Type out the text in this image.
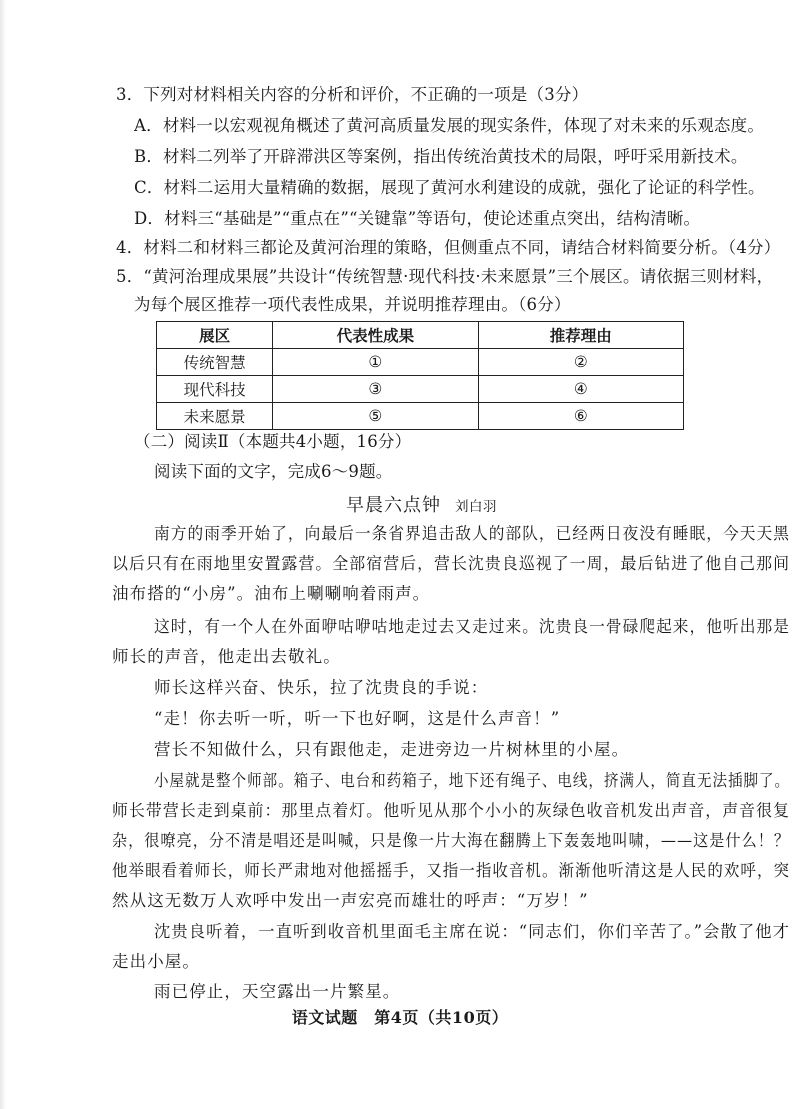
3．下列对材料相关内容的分析和评价，不正确的一项是（3分）
A．材料一以宏观视角概述了黄河高质量发展的现实条件，体现了对未来的乐观态度。
B．材料二列举了开辟滞洪区等案例，指出传统治黄技术的局限，呼吁采用新技术。
C．材料二运用大量精确的数据，展现了黄河水利建设的成就，强化了论证的科学性。
D．材料三“基础是”“重点在”“关键靠”等语句，使论述重点突出，结构清晰。
4．材料二和材料三都论及黄河治理的策略，但侧重点不同，请结合材料简要分析。（4分）
5．“黄河治理成果展”共设计“传统智慧·现代科技·未来愿景”三个展区。请依据三则材料，
为每个展区推荐一项代表性成果，并说明推荐理由。（6分）
展区	代表性成果	推荐理由
传统智慧	①	②
现代科技	③	④
未来愿景	⑤	⑥
（二）阅读Ⅱ（本题共4小题，16分）
阅读下面的文字，完成6～9题。
早晨六点钟 刘白羽
南方的雨季开始了，向最后一条省界追击敌人的部队，已经两日夜没有睡眠，今天天黑
以后只有在雨地里安置露营。全部宿营后，营长沈贵良巡视了一周，最后钻进了他自己那间
油布搭的“小房”。油布上唰唰响着雨声。
这时，有一个人在外面咿咕咿咕地走过去又走过来。沈贵良一骨碌爬起来，他听出那是
师长的声音，他走出去敬礼。
师长这样兴奋、快乐，拉了沈贵良的手说：
“走！你去听一听，听一下也好啊，这是什么声音！”
营长不知做什么，只有跟他走，走进旁边一片树林里的小屋。
小屋就是整个师部。箱子、电台和药箱子，地下还有绳子、电线，挤满人，简直无法插脚了。
师长带营长走到桌前：那里点着灯。他听见从那个小小的灰绿色收音机发出声音，声音很复
杂，很嘹亮，分不清是唱还是叫喊，只是像一片大海在翻腾上下轰轰地叫啸，——这是什么！？
他举眼看着师长，师长严肃地对他摇摇手，又指一指收音机。渐渐他听清这是人民的欢呼，突
然从这无数万人欢呼中发出一声宏亮而雄壮的呼声：“万岁！”
沈贵良听着，一直听到收音机里面毛主席在说：“同志们，你们辛苦了。”会散了他才
走出小屋。
雨已停止，天空露出一片繁星。
语文试题　第4页（共10页）
